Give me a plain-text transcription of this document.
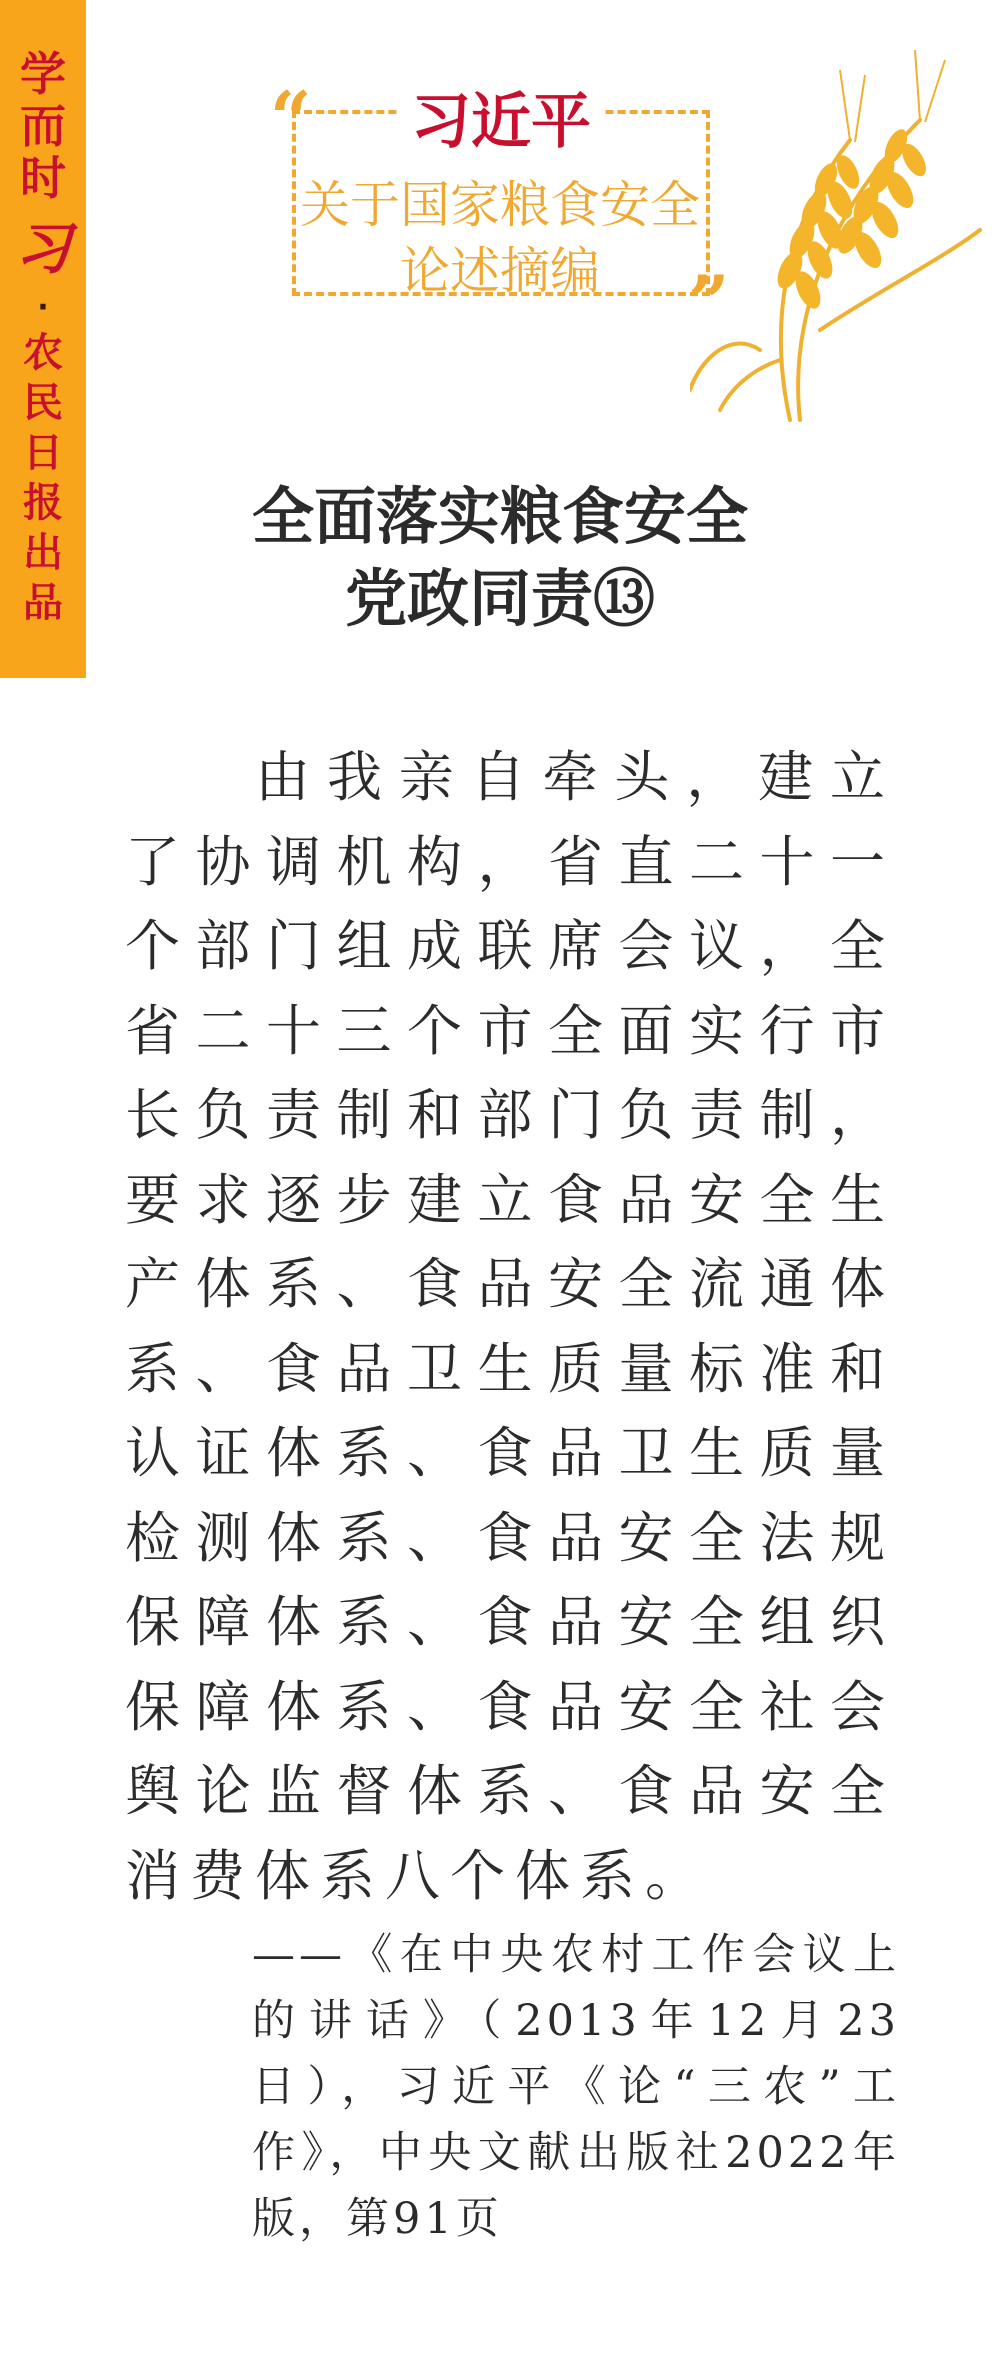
学
而
时
习
·
农
民
日
报
出
品
“
”
习近平
关于国家粮食安全
论述摘编
全面落实粮食安全
党政同责⑬
由我亲自牵头，建立了协调机构，省直二十一个部门组成联席会议，全省二十三个市全面实行市长负责制和部门负责制，要求逐步建立食品安全生产体系、食品安全流通体系、食品卫生质量标准和认证体系、食品卫生质量检测体系、食品安全法规保障体系、食品安全组织保障体系、食品安全社会舆论监督体系、食品安全消费体系八个体系。
——《在中央农村工作会议上的讲话》（2013年12月23日），习近平《论“三农”工作》，中央文献出版社2022年版，第91页
